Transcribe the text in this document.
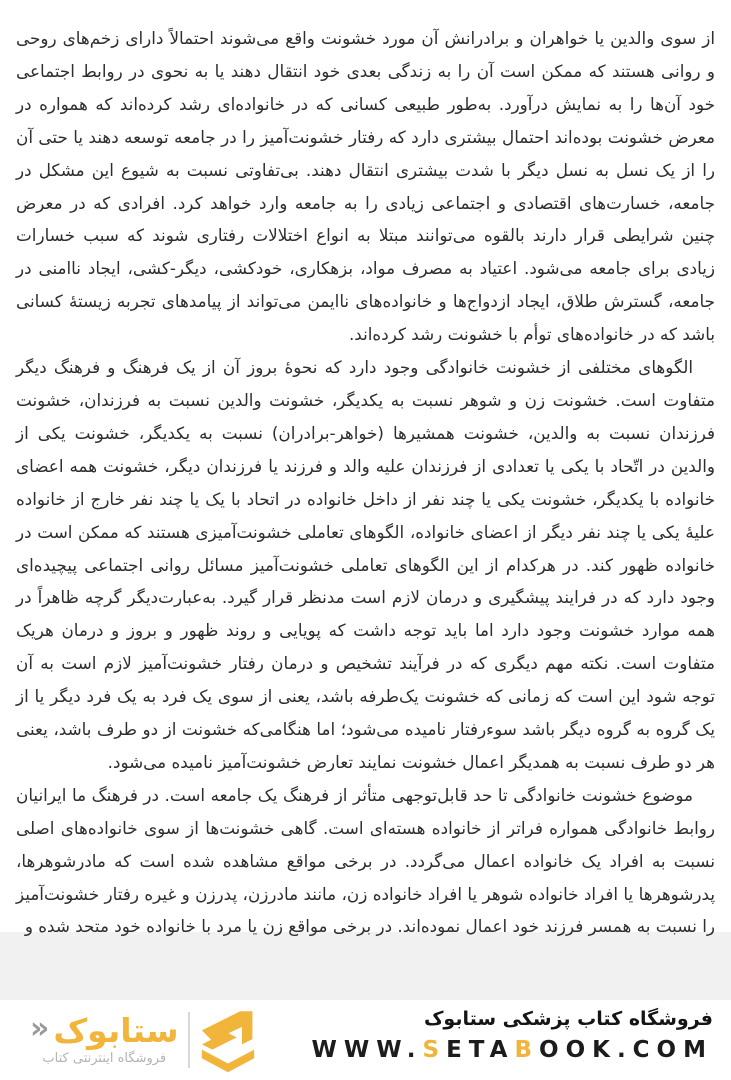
از سوی والدین یا خواهران و برادرانش آن مورد خشونت واقع می‌شوند احتمالاً دارای زخم‌های روحی و روانی هستند که ممکن است آن را به زندگی بعدی خود انتقال دهند یا به نحوی در روابط اجتماعی خود آن‌ها را به نمایش درآورد. به‌طور طبیعی کسانی که در خانواده‌ای رشد کرده‌اند که همواره در معرض خشونت بوده‌اند احتمال بیشتری دارد که رفتار خشونت‌آمیز را در جامعه توسعه دهند یا حتی آن را از یک نسل به نسل دیگر با شدت بیشتری انتقال دهند. بی‌تفاوتی نسبت به شیوع این مشکل در جامعه، خسارت‌های اقتصادی و اجتماعی زیادی را به جامعه وارد خواهد کرد. افرادی که در معرض چنین شرایطی قرار دارند بالقوه می‌توانند مبتلا به انواع اختلالات رفتاری شوند که سبب خسارات زیادی برای جامعه می‌شود. اعتیاد به مصرف مواد، بزهکاری، خودکشی، دیگر-کشی، ایجاد ناامنی در جامعه، گسترش طلاق، ایجاد ازدواج‌ها و خانواده‌های ناایمن می‌تواند از پیامدهای تجربه زیستهٔ کسانی باشد که در خانواده‌های توأم با خشونت رشد کرده‌اند.

الگوهای مختلفی از خشونت خانوادگی وجود دارد که نحوهٔ بروز آن از یک فرهنگ و فرهنگ دیگر متفاوت است. خشونت زن و شوهر نسبت به یکدیگر، خشونت والدین نسبت به فرزندان، خشونت فرزندان نسبت به والدین، خشونت همشیرها (خواهر-برادران) نسبت به یکدیگر، خشونت یکی از والدین در اتّحاد با یکی یا تعدادی از فرزندان علیه والد و فرزند یا فرزندان دیگر، خشونت همه اعضای خانواده با یکدیگر، خشونت یکی یا چند نفر از داخل خانواده در اتحاد با یک یا چند نفر خارج از خانواده علیهٔ یکی یا چند نفر دیگر از اعضای خانواده، الگوهای تعاملی خشونت‌آمیزی هستند که ممکن است در خانواده ظهور کند. در هرکدام از این الگوهای تعاملی خشونت‌آمیز مسائل روانی اجتماعی پیچیده‌ای وجود دارد که در فرایند پیشگیری و درمان لازم است مدنظر قرار گیرد. به‌عبارت‌دیگر گرچه ظاهراً در همه موارد خشونت وجود دارد اما باید توجه داشت که پویایی و روند ظهور و بروز و درمان هریک متفاوت است. نکته مهم دیگری که در فرآیند تشخیص و درمان رفتار خشونت‌آمیز لازم است به آن توجه شود این است که زمانی که خشونت یک‌طرفه باشد، یعنی از سوی یک فرد به یک فرد دیگر یا از یک گروه به گروه دیگر باشد سوءرفتار نامیده می‌شود؛ اما هنگامی‌که خشونت از دو طرف باشد، یعنی هر دو طرف نسبت به همدیگر اعمال خشونت نمایند تعارض خشونت‌آمیز نامیده می‌شود.

موضوع خشونت خانوادگی تا حد قابل‌توجهی متأثر از فرهنگ یک جامعه است. در فرهنگ ما ایرانیان روابط خانوادگی همواره فراتر از خانواده هسته‌ای است. گاهی خشونت‌ها از سوی خانواده‌های اصلی نسبت به افراد یک خانواده اعمال می‌گردد. در برخی مواقع مشاهده شده است که مادرشوهرها، پدرشوهرها یا افراد خانواده شوهر یا افراد خانواده زن، مانند مادرزن، پدرزن و غیره رفتار خشونت‌آمیز را نسبت به همسر فرزند خود اعمال نموده‌اند. در برخی مواقع زن یا مرد با خانواده خود متحد شده و

ستابوک
«
فروشگاه اینترنتی کتاب
فروشگاه کتاب پزشکی ستابوک
WWW.SETABOOK.COM
